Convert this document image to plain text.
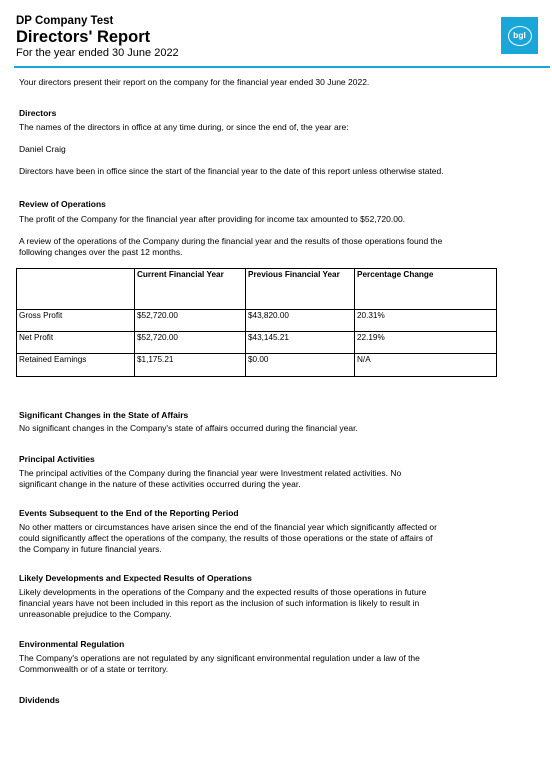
DP Company Test
Directors' Report
For the year ended 30 June 2022
bgl

Your directors present their report on the company for the financial year ended 30 June 2022.

Directors

The names of the directors in office at any time during, or since the end of, the year are:

Daniel Craig

Directors have been in office since the start of the financial year to the date of this report unless otherwise stated.

Review of Operations

The profit of the Company for the financial year after providing for income tax amounted to $52,720.00.

A review of the operations of the Company during the financial year and the results of those operations found the following changes over the past 12 months.

	Current Financial Year	Previous Financial Year	Percentage Change
Gross Profit	$52,720.00	$43,820.00	20.31%
Net Profit	$52,720.00	$43,145.21	22.19%
Retained Earnings	$1,175.21	$0.00	N/A

Significant Changes in the State of Affairs

No significant changes in the Company's state of affairs occurred during the financial year.

Principal Activities

The principal activities of the Company during the financial year were Investment related activities. No significant change in the nature of these activities occurred during the year.

Events Subsequent to the End of the Reporting Period

No other matters or circumstances have arisen since the end of the financial year which significantly affected or could significantly affect the operations of the company, the results of those operations or the state of affairs of the Company in future financial years.

Likely Developments and Expected Results of Operations

Likely developments in the operations of the Company and the expected results of those operations in future financial years have not been included in this report as the inclusion of such information is likely to result in unreasonable prejudice to the Company.

Environmental Regulation

The Company's operations are not regulated by any significant environmental regulation under a law of the Commonwealth or of a state or territory.

Dividends
